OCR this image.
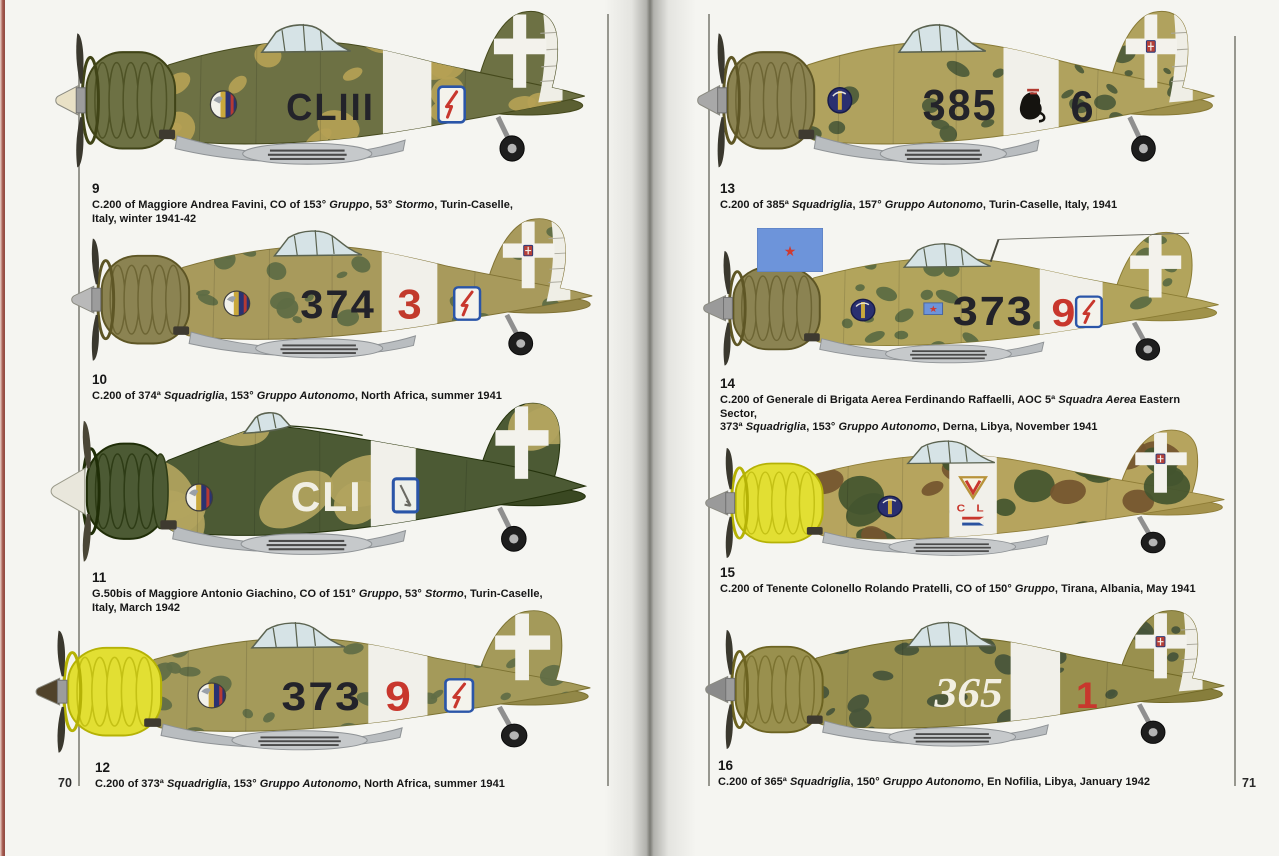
CLIII
9
C.200 of Maggiore Andrea Favini, CO of 153° Gruppo, 53° Stormo, Turin-Caselle,
Italy, winter 1941-42
374 3
10
C.200 of 374ª Squadriglia, 153° Gruppo Autonomo, North Africa, summer 1941
CLI
11
G.50bis of Maggiore Antonio Giachino, CO of 151° Gruppo, 53° Stormo, Turin-Caselle,
Italy, March 1942
373 9
12
C.200 of 373ª Squadriglia, 153° Gruppo Autonomo, North Africa, summer 1941
385 6
13
C.200 of 385ª Squadriglia, 157° Gruppo Autonomo, Turin-Caselle, Italy, 1941
★ 373 9
★
14
C.200 of Generale di Brigata Aerea Ferdinando Raffaelli, AOC 5ª Squadra Aerea Eastern Sector,
373ª Squadriglia, 153° Gruppo Autonomo, Derna, Libya, November 1941
C L
15
C.200 of Tenente Colonello Rolando Pratelli, CO of 150° Gruppo, Tirana, Albania, May 1941
365 1
16
C.200 of 365ª Squadriglia, 150° Gruppo Autonomo, En Nofilia, Libya, January 1942
70	71
